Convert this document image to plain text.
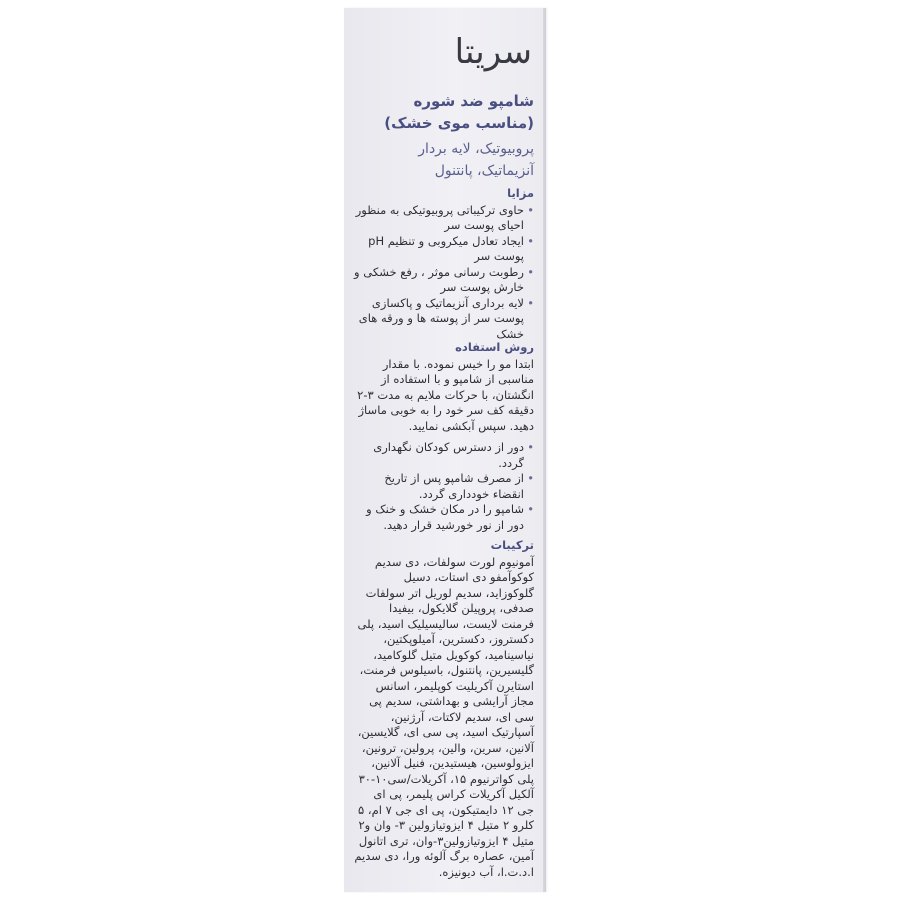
سریتا
شامپو ضد شوره
(مناسب موی خشک)
پروبیوتیک، لایه بردار
آنزیماتیک، پانتنول
مزایا
• حاوی ترکیباتی پروبیوتیکی به منظور احیای پوست سر
• ایجاد تعادل میکروبی و تنظیم pH پوست سر
• رطوبت رسانی موثر ، رفع خشکی و خارش پوست سر
• لایه برداری آنزیماتیک و پاکسازی پوست سر از پوسته ها و ورقه های خشک
روش استفاده

ابتدا مو را خیس نموده. با مقدار مناسبی از شامپو و با استفاده از انگشتان، با حرکات ملایم به مدت ۳-۲ دقیقه کف سر خود را به خوبی ماساژ دهید. سپس آبکشی نمایید.

• دور از دسترس کودکان نگهداری گردد.
• از مصرف شامپو پس از تاریخ انقضاء خودداری گردد.
• شامپو را در مکان خشک و خنک و دور از نور خورشید قرار دهید.
ترکیبات

آمونیوم لورت سولفات، دی سدیم کوکوآمفو دی استات، دسیل گلوکوزاید، سدیم لوریل اتر سولفات صدفی، پروپیلن گلایکول، بیفیدا فرمنت لایست، سالیسیلیک اسید، پلی دکستروز، دکسترین، آمیلوپکتین، نیاسینامید، کوکویل متیل گلوکامید، گلیسیرین، پانتنول، باسیلوس فرمنت، استایرن آکریلیت کوپلیمر، اسانس مجاز آرایشی و بهداشتی، سدیم پی سی ای، سدیم لاکتات، آرژنین، آسپارتیک اسید، پی سی ای، گلایسین، آلانین، سرین، والین، پرولین، ترونین، ایزولوسین، هیستیدین، فنیل آلانین، پلی کواترنیوم ۱۵، آکریلات/سی۱۰-۳۰ آلکیل آکریلات کراس پلیمر، پی ای جی ۱۲ دایمتیکون، پی ای جی ۷ ام، ۵ کلرو ۲ متیل ۴ ایزوتیازولین ۳- وان و۲ متیل ۴ ایزوتیازولین۳-وان، تری اتانول آمین، عصاره برگ آلوئه ورا، دی سدیم ا.د.ت.ا، آب دیونیزه.
